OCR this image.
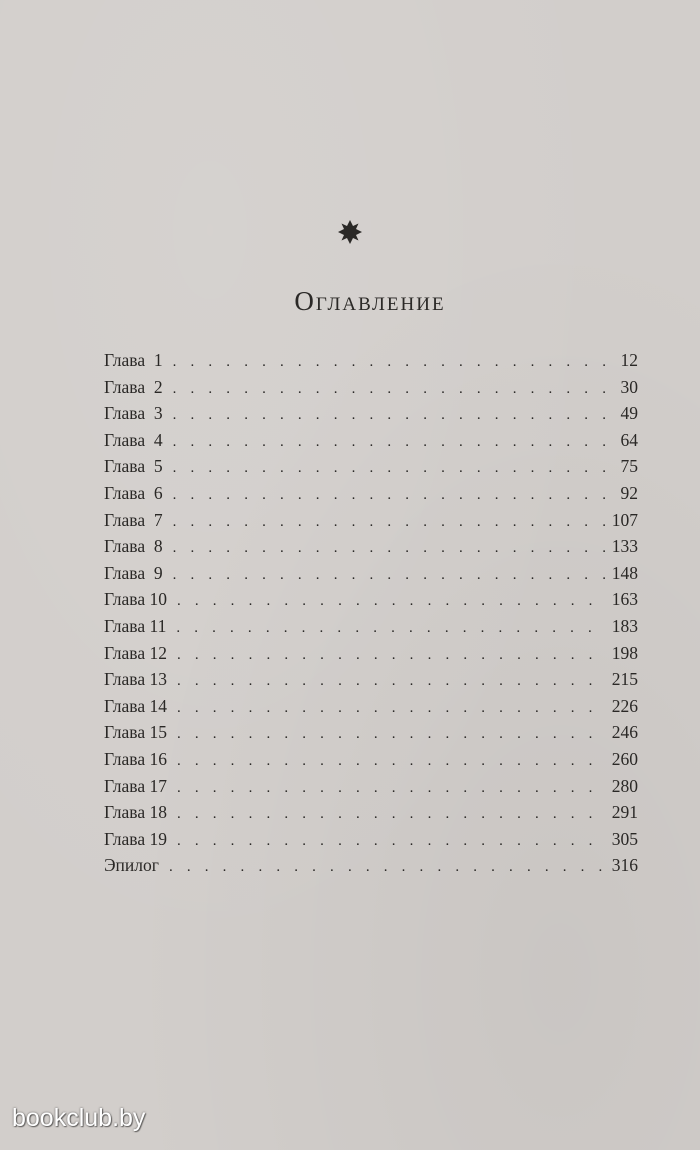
Оглавление
Глава  1 . . .	12
Глава  2 . . .	30
Глава  3 . . .	49
Глава  4 . . .	64
Глава  5 . . .	75
Глава  6 . . .	92
Глава  7 . . .	107
Глава  8 . . .	133
Глава  9 . . .	148
Глава 10 . . .	163
Глава 11 . . .	183
Глава 12 . . .	198
Глава 13 . . .	215
Глава 14 . . .	226
Глава 15 . . .	246
Глава 16 . . .	260
Глава 17 . . .	280
Глава 18 . . .	291
Глава 19 . . .	305
Эпилог . . .	316
bookclub.by
